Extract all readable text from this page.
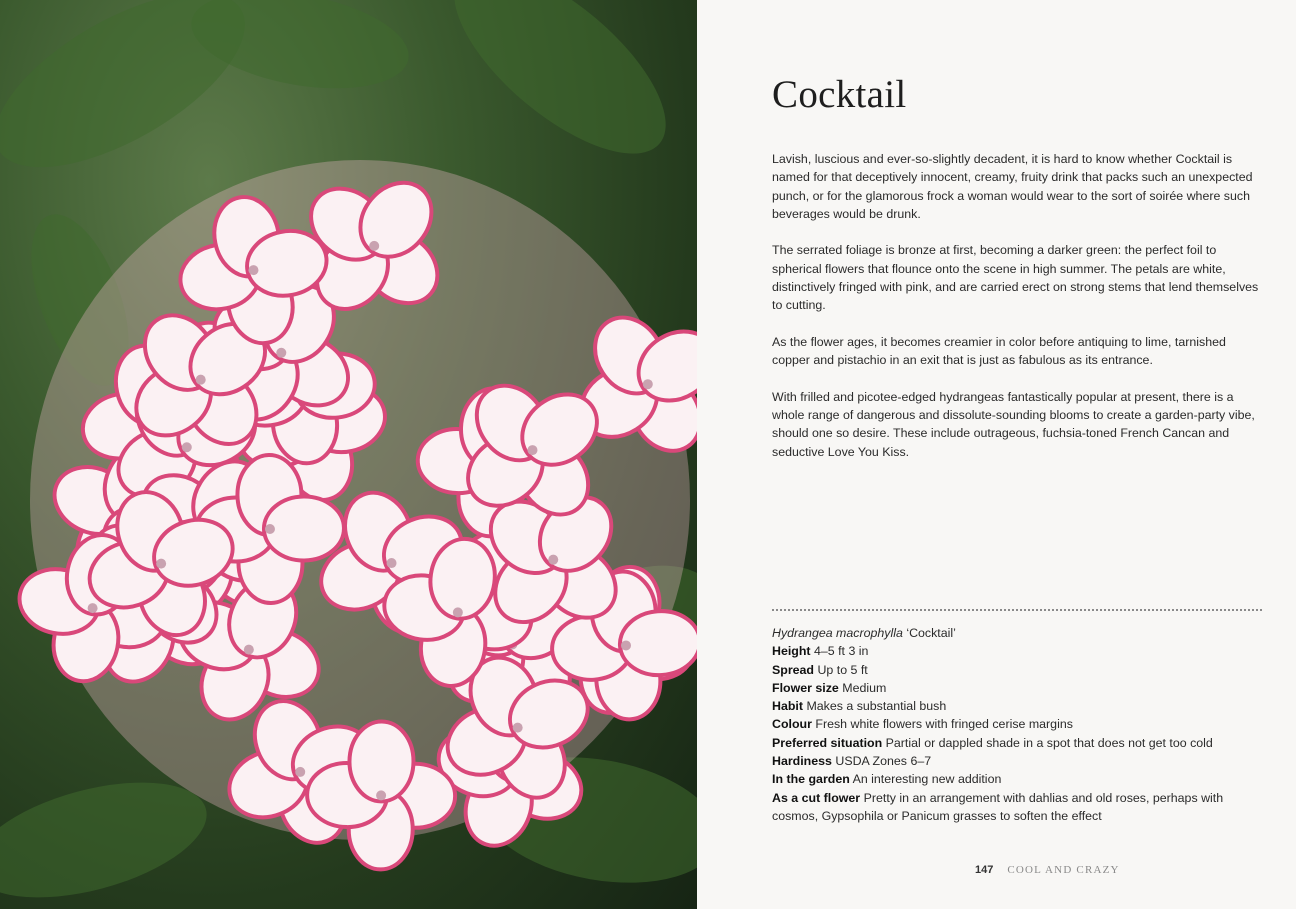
Cocktail

Lavish, luscious and ever-so-slightly decadent, it is hard to know whether Cocktail is named for that deceptively innocent, creamy, fruity drink that packs such an unexpected punch, or for the glamorous frock a woman would wear to the sort of soirée where such beverages would be drunk.

The serrated foliage is bronze at first, becoming a darker green: the perfect foil to spherical flowers that flounce onto the scene in high summer. The petals are white, distinctively fringed with pink, and are carried erect on strong stems that lend themselves to cutting.

As the flower ages, it becomes creamier in color before antiquing to lime, tarnished copper and pistachio in an exit that is just as fabulous as its entrance.

With frilled and picotee-edged hydrangeas fantastically popular at present, there is a whole range of dangerous and dissolute-sounding blooms to create a garden-party vibe, should one so desire. These include outrageous, fuchsia-toned French Cancan and seductive Love You Kiss.

Hydrangea macrophylla ‘Cocktail’
Height 4–5 ft 3 in
Spread Up to 5 ft
Flower size Medium
Habit Makes a substantial bush
Colour Fresh white flowers with fringed cerise margins
Preferred situation Partial or dappled shade in a spot that does not get too cold
Hardiness USDA Zones 6–7
In the garden An interesting new addition
As a cut flower Pretty in an arrangement with dahlias and old roses, perhaps with cosmos, Gypsophila or Panicum grasses to soften the effect
147 COOL AND CRAZY
